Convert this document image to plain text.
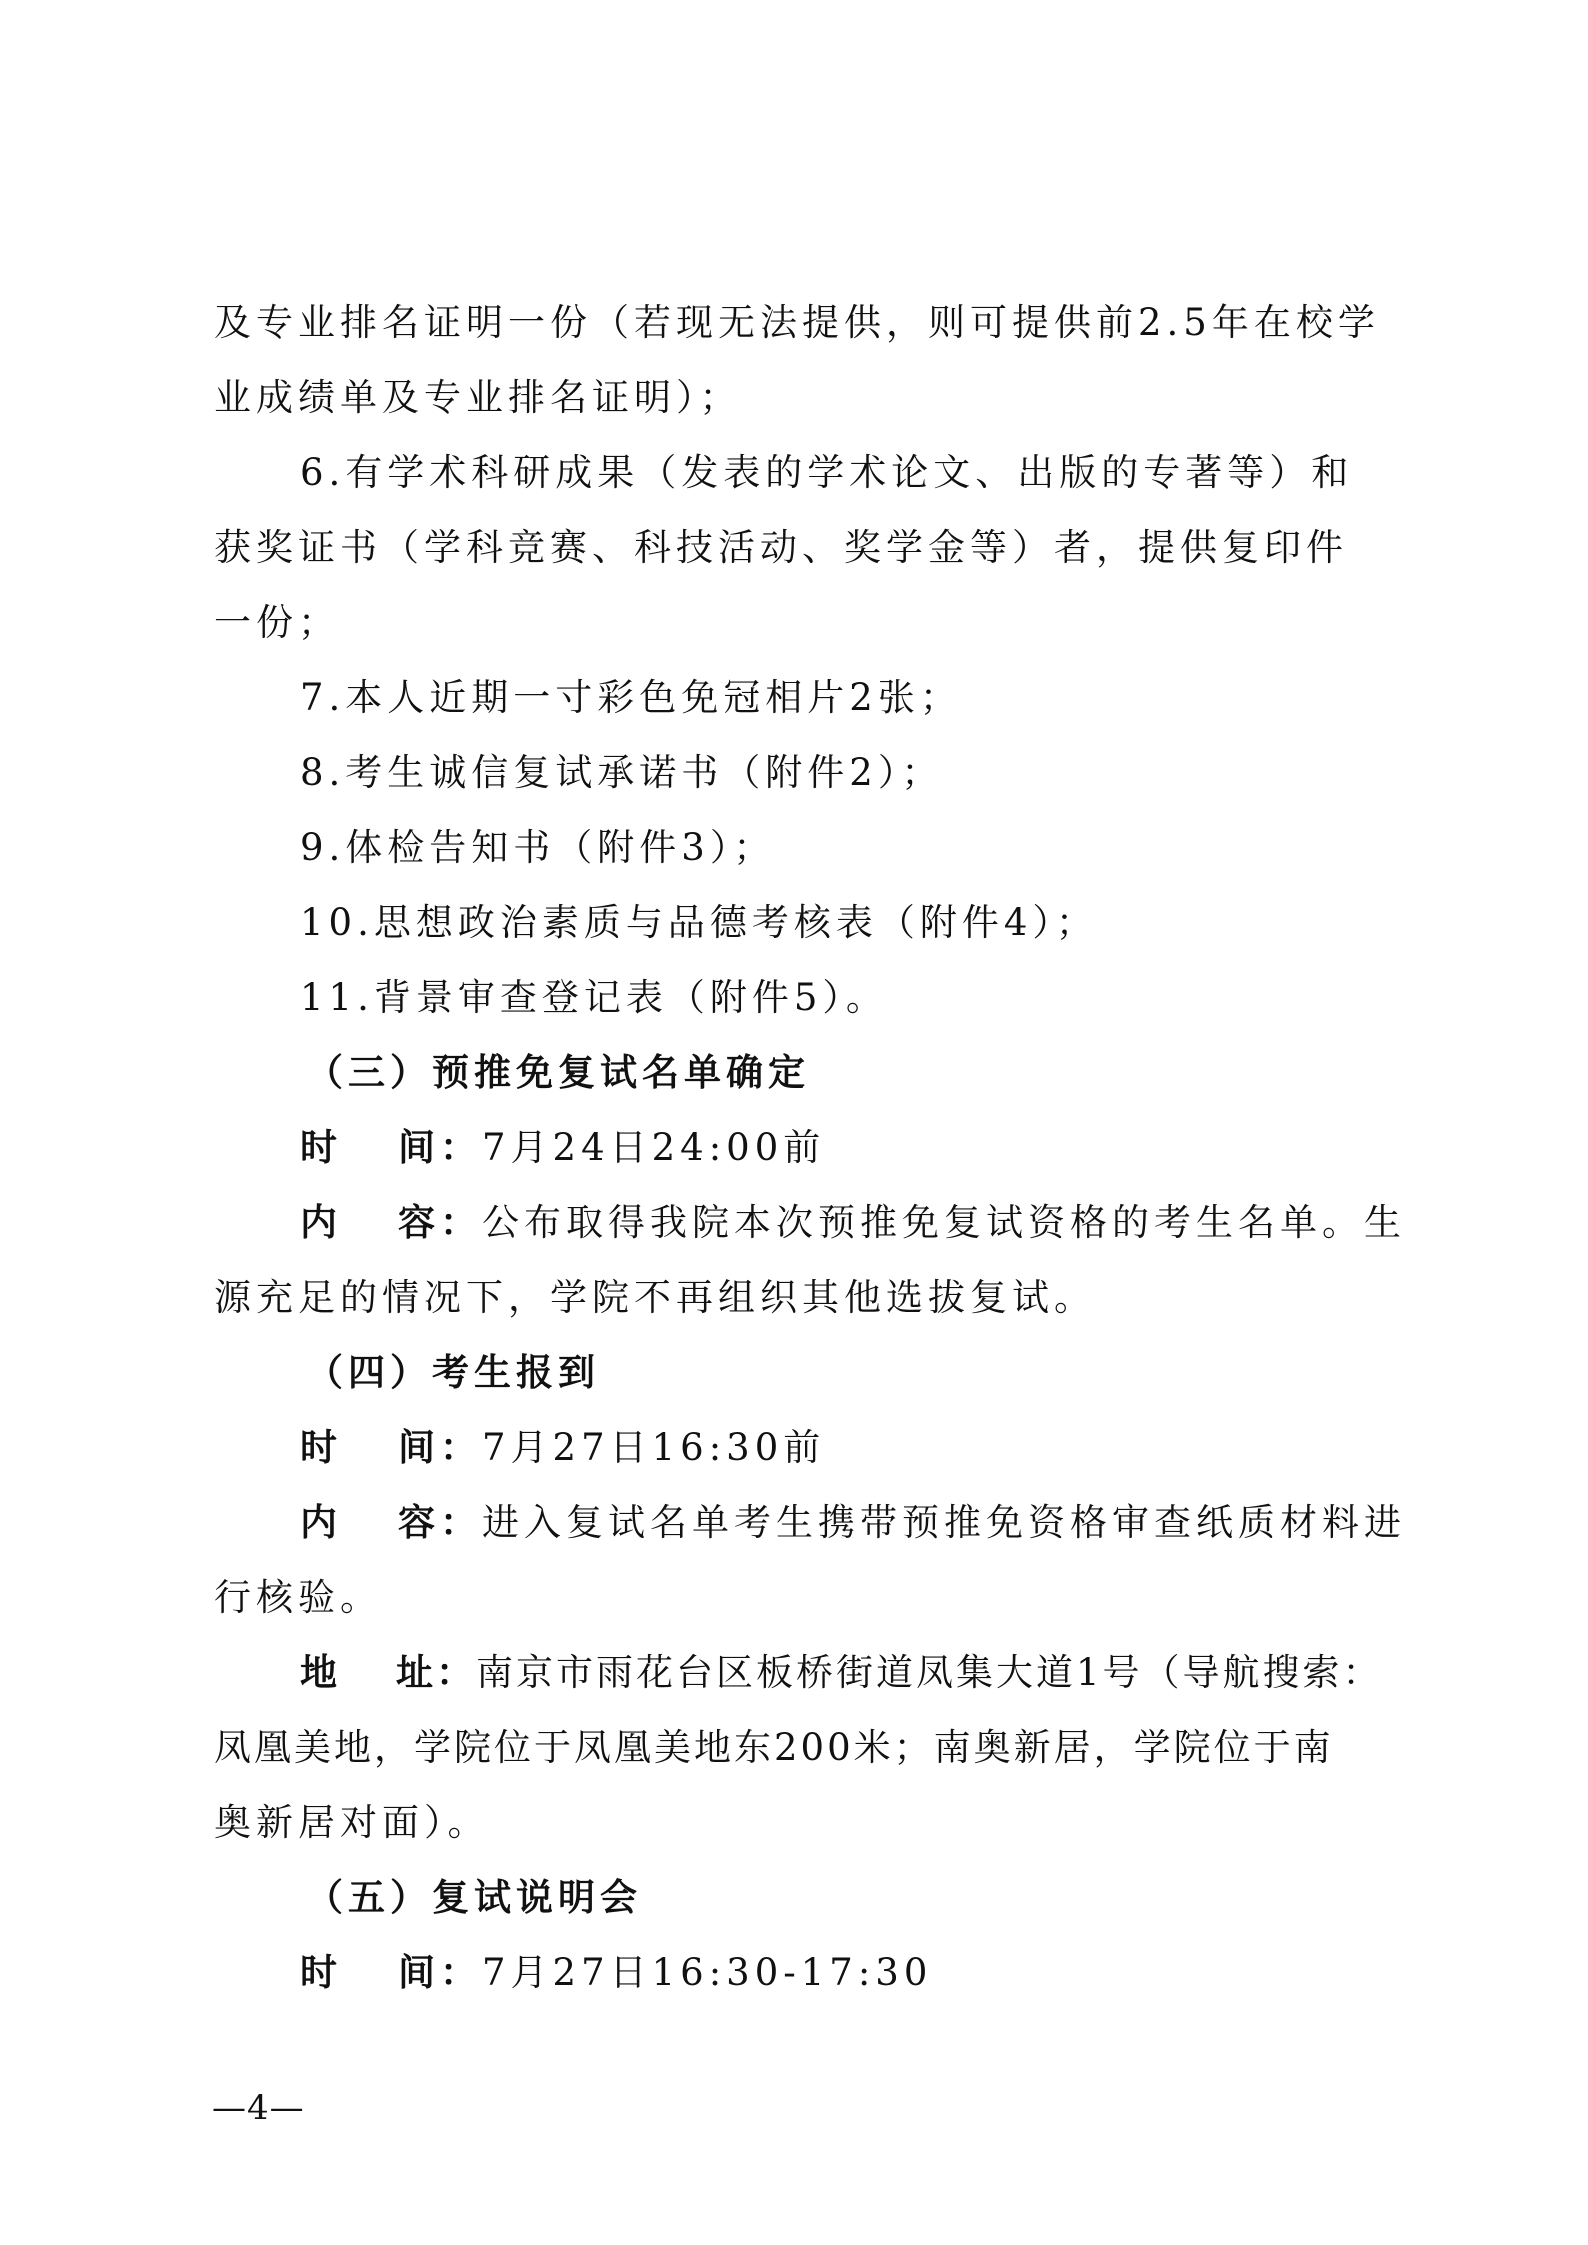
及专业排名证明一份（若现无法提供，则可提供前2.5年在校学
业成绩单及专业排名证明）；
6.有学术科研成果（发表的学术论文、出版的专著等）和
获奖证书（学科竞赛、科技活动、奖学金等）者，提供复印件
一份；
7.本人近期一寸彩色免冠相片2张；
8.考生诚信复试承诺书（附件2）；
9.体检告知书（附件3）；
10.思想政治素质与品德考核表（附件4）；
11.背景审查登记表（附件5）。
（三）预推免复试名单确定
时 间：7月24日24:00前
内 容：公布取得我院本次预推免复试资格的考生名单。生
源充足的情况下，学院不再组织其他选拔复试。
（四）考生报到
时 间：7月27日16:30前
内 容：进入复试名单考生携带预推免资格审查纸质材料进
行核验。
地 址：南京市雨花台区板桥街道凤集大道1号（导航搜索：
凤凰美地，学院位于凤凰美地东200米；南奥新居，学院位于南
奥新居对面）。
（五）复试说明会
时 间：7月27日16:30-17:30
—4—
